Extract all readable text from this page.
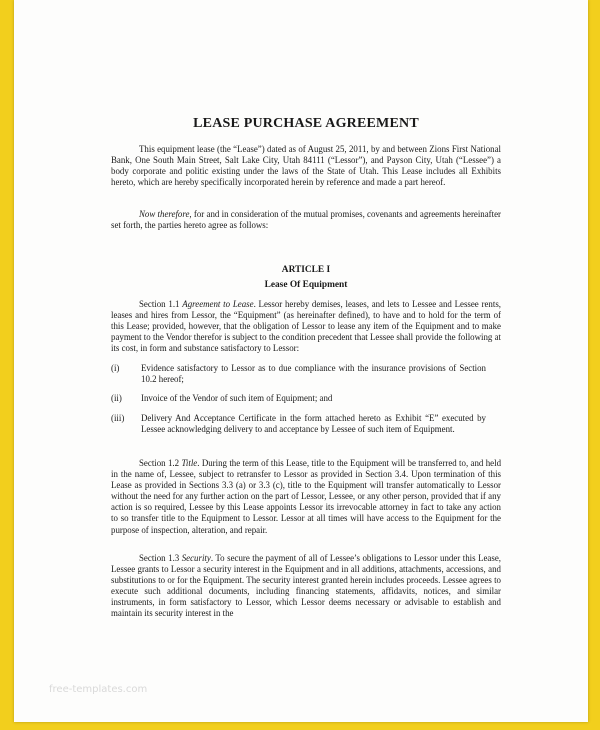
LEASE PURCHASE AGREEMENT

This equipment lease (the “Lease”) dated as of August 25, 2011, by and between Zions First National Bank, One South Main Street, Salt Lake City, Utah 84111 (“Lessor”), and Payson City, Utah (“Lessee”) a body corporate and politic existing under the laws of the State of Utah. This Lease includes all Exhibits hereto, which are hereby specifically incorporated herein by reference and made a part hereof.

Now therefore, for and in consideration of the mutual promises, covenants and agreements hereinafter set forth, the parties hereto agree as follows:

ARTICLE I
Lease Of Equipment

Section 1.1 Agreement to Lease. Lessor hereby demises, leases, and lets to Lessee and Lessee rents, leases and hires from Lessor, the “Equipment” (as hereinafter defined), to have and to hold for the term of this Lease; provided, however, that the obligation of Lessor to lease any item of the Equipment and to make payment to the Vendor therefor is subject to the condition precedent that Lessee shall provide the following at its cost, in form and substance satisfactory to Lessor:

(i) Evidence satisfactory to Lessor as to due compliance with the insurance provisions of Section 10.2 hereof;
(ii) Invoice of the Vendor of such item of Equipment; and
(iii) Delivery And Acceptance Certificate in the form attached hereto as Exhibit “E” executed by Lessee acknowledging delivery to and acceptance by Lessee of such item of Equipment.

Section 1.2 Title. During the term of this Lease, title to the Equipment will be transferred to, and held in the name of, Lessee, subject to retransfer to Lessor as provided in Section 3.4. Upon termination of this Lease as provided in Sections 3.3 (a) or 3.3 (c), title to the Equipment will transfer automatically to Lessor without the need for any further action on the part of Lessor, Lessee, or any other person, provided that if any action is so required, Lessee by this Lease appoints Lessor its irrevocable attorney in fact to take any action to so transfer title to the Equipment to Lessor. Lessor at all times will have access to the Equipment for the purpose of inspection, alteration, and repair.

Section 1.3 Security. To secure the payment of all of Lessee’s obligations to Lessor under this Lease, Lessee grants to Lessor a security interest in the Equipment and in all additions, attachments, accessions, and substitutions to or for the Equipment. The security interest granted herein includes proceeds. Lessee agrees to execute such additional documents, including financing statements, affidavits, notices, and similar instruments, in form satisfactory to Lessor, which Lessor deems necessary or advisable to establish and maintain its security interest in the

free-templates.com
